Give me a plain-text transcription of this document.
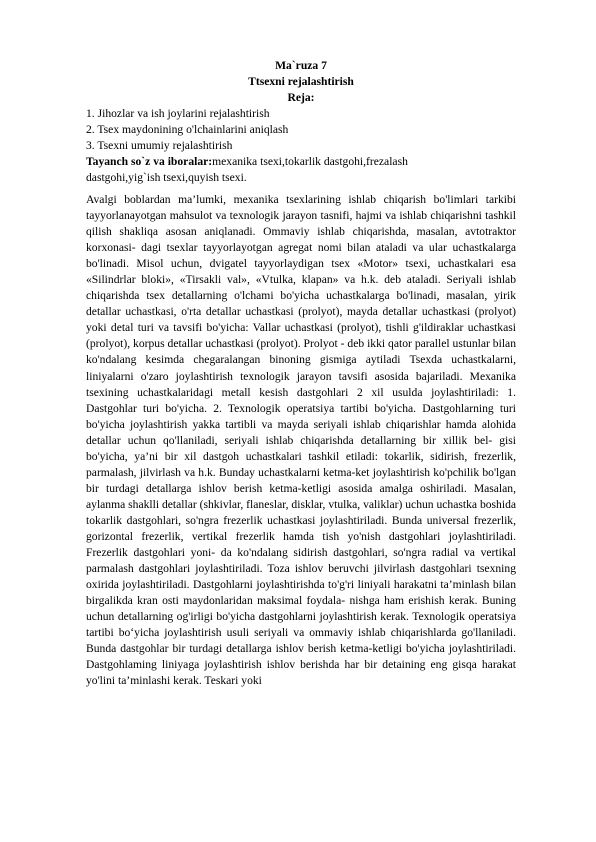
Ma`ruza 7
Ttsexni rejalashtirish
Reja:
1. Jihozlar va ish joylarini rejalashtirish
2. Tsex maydonining o'lchainlarini aniqlash
3. Tsexni umumiy rejalashtirish
Tayanch so`z va iboralar:mexanika tsexi,tokarlik dastgohi,frezalash
dastgohi,yig`ish tsexi,quyish tsexi.
Avalgi boblardan ma’lumki, mexanika tsexlarining ishlab chiqarish bo'limlari tarkibi tayyorlanayotgan mahsulot va texnologik jarayon tasnifi, hajmi va ishlab chiqarishni tashkil qilish shakliqa asosan aniqlanadi. Ommaviy ishlab chiqarishda, masalan, avtotraktor korxonasi- dagi tsexlar tayyorlayotgan agregat nomi bilan ataladi va ular uchastkalarga bo'linadi. Misol uchun, dvigatel tayyorlaydigan tsex «Motor» tsexi, uchastkalari esa «Silindrlar bloki», «Tirsakli val», «Vtulka, klapan» va h.k. deb ataladi. Seriyali ishlab chiqarishda tsex detallarning o'lchami bo'yicha uchastkalarga bo'linadi, masalan, yirik detallar uchastkasi, o'rta detallar uchastkasi (prolyot), mayda detallar uchastkasi (prolyot) yoki detal turi va tavsifi bo'yicha: Vallar uchastkasi (prolyot), tishli g'ildiraklar uchastkasi (prolyot), korpus detallar uchastkasi (prolyot). Prolyot - deb ikki qator parallel ustunlar bilan ko'ndalang kesimda chegaralangan binoning gismiga aytiladi Tsexda uchastkalarni, liniyalarni o'zaro joylashtirish texnologik jarayon tavsifi asosida bajariladi. Mexanika tsexining uchastkalaridagi metall kesish dastgohlari 2 xil usulda joylashtiriladi: 1. Dastgohlar turi bo'yicha. 2. Texnologik operatsiya tartibi bo'yicha. Dastgohlarning turi bo'yicha joylashtirish yakka tartibli va mayda seriyali ishlab chiqarishlar hamda alohida detallar uchun qo'llaniladi, seriyali ishlab chiqarishda detallarning bir xillik bel- gisi bo'yicha, ya’ni bir xil dastgoh uchastkalari tashkil etiladi: tokarlik, sidirish, frezerlik, parmalash, jilvirlash va h.k. Bunday uchastkalarni ketma-ket joylashtirish ko'pchilik bo'lgan bir turdagi detallarga ishlov berish ketma-ketligi asosida amalga oshiriladi. Masalan, aylanma shaklli detallar (shkivlar, flaneslar, disklar, vtulka, valiklar) uchun uchastka boshida tokarlik dastgohlari, so'ngra frezerlik uchastkasi joylashtiriladi. Bunda universal frezerlik, gorizontal frezerlik, vertikal frezerlik hamda tish yo'nish dastgohlari joylashtiriladi. Frezerlik dastgohlari yoni- da ko'ndalang sidirish dastgohlari, so'ngra radial va vertikal parmalash dastgohlari joylashtiriladi. Toza ishlov beruvchi jilvirlash dastgohlari tsexning oxirida joylashtiriladi. Dastgohlarni joylashtirishda to'g'ri liniyali harakatni ta’minlash bilan birgalikda kran osti maydonlaridan maksimal foydala- nishga ham erishish kerak. Buning uchun detallarning og'irligi bo'yicha dastgohlarni joylashtirish kerak. Texnologik operatsiya tartibi bo‘yicha joylashtirish usuli seriyali va ommaviy ishlab chiqarishlarda go'llaniladi. Bunda dastgohlar bir turdagi detallarga ishlov berish ketma-ketligi bo'yicha joylashtiriladi. Dastgohlaming liniyaga joylashtirish ishlov berishda har bir detaining eng gisqa harakat yo'lini ta’minlashi kerak. Teskari yoki
